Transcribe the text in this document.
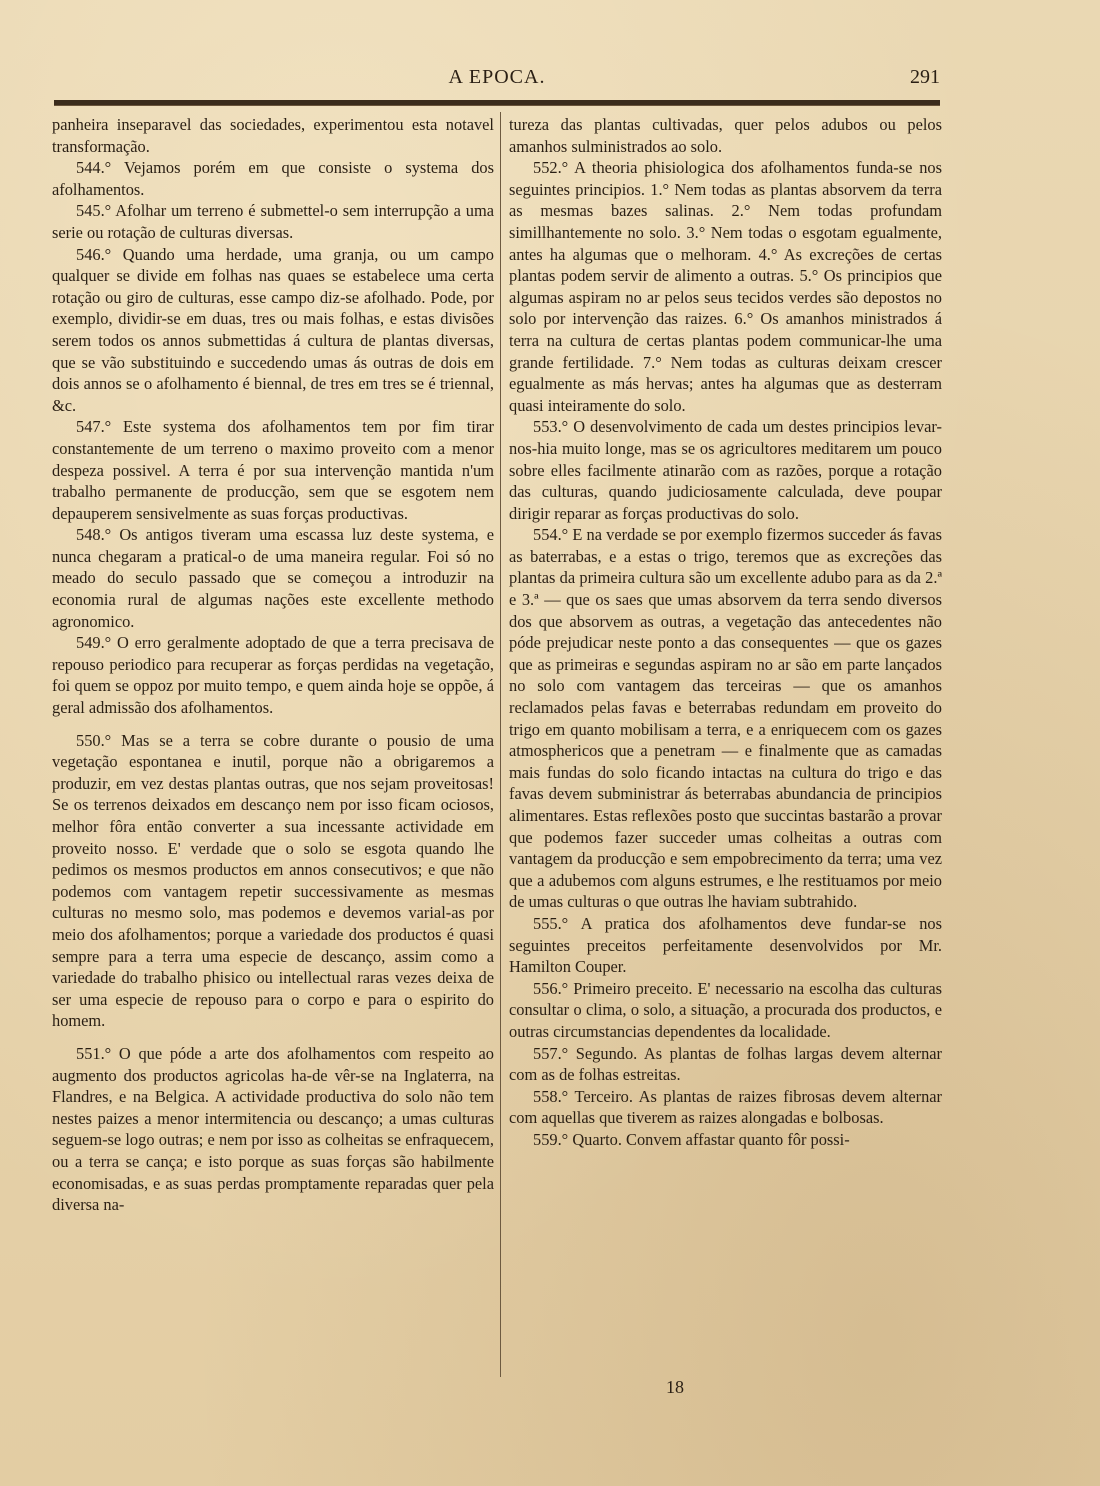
A EPOCA.	291

panheira inseparavel das sociedades, experimentou esta notavel transformação.

544.° Vejamos porém em que consiste o systema dos afolhamentos.

545.° Afolhar um terreno é submettel-o sem interrupção a uma serie ou rotação de culturas diversas.

546.° Quando uma herdade, uma granja, ou um campo qualquer se divide em folhas nas quaes se estabelece uma certa rotação ou giro de culturas, esse campo diz-se afolhado. Pode, por exemplo, dividir-se em duas, tres ou mais folhas, e estas divisões serem todos os annos submettidas á cultura de plantas diversas, que se vão substituindo e succedendo umas ás outras de dois em dois annos se o afolhamento é biennal, de tres em tres se é triennal, &c.

547.° Este systema dos afolhamentos tem por fim tirar constantemente de um terreno o maximo proveito com a menor despeza possivel. A terra é por sua intervenção mantida n'um trabalho permanente de producção, sem que se esgotem nem depauperem sensivelmente as suas forças productivas.

548.° Os antigos tiveram uma escassa luz deste systema, e nunca chegaram a pratical-o de uma maneira regular. Foi só no meado do seculo passado que se começou a introduzir na economia rural de algumas nações este excellente methodo agronomico.

549.° O erro geralmente adoptado de que a terra precisava de repouso periodico para recuperar as forças perdidas na vegetação, foi quem se oppoz por muito tempo, e quem ainda hoje se oppõe, á geral admissão dos afolhamentos.

550.° Mas se a terra se cobre durante o pousio de uma vegetação espontanea e inutil, porque não a obrigaremos a produzir, em vez destas plantas outras, que nos sejam proveitosas! Se os terrenos deixados em descanço nem por isso ficam ociosos, melhor fôra então converter a sua incessante actividade em proveito nosso. E' verdade que o solo se esgota quando lhe pedimos os mesmos productos em annos consecutivos; e que não podemos com vantagem repetir successivamente as mesmas culturas no mesmo solo, mas podemos e devemos varial-as por meio dos afolhamentos; porque a variedade dos productos é quasi sempre para a terra uma especie de descanço, assim como a variedade do trabalho phisico ou intellectual raras vezes deixa de ser uma especie de repouso para o corpo e para o espirito do homem.

551.° O que póde a arte dos afolhamentos com respeito ao augmento dos productos agricolas ha-de vêr-se na Inglaterra, na Flandres, e na Belgica. A actividade productiva do solo não tem nestes paizes a menor intermitencia ou descanço; a umas culturas seguem-se logo outras; e nem por isso as colheitas se enfraquecem, ou a terra se cança; e isto porque as suas forças são habilmente economisadas, e as suas perdas promptamente reparadas quer pela diversa na-

tureza das plantas cultivadas, quer pelos adubos ou pelos amanhos sulministrados ao solo.

552.° A theoria phisiologica dos afolhamentos funda-se nos seguintes principios. 1.° Nem todas as plantas absorvem da terra as mesmas bazes salinas. 2.° Nem todas profundam simillhantemente no solo. 3.° Nem todas o esgotam egualmente, antes ha algumas que o melhoram. 4.° As excreções de certas plantas podem servir de alimento a outras. 5.° Os principios que algumas aspiram no ar pelos seus tecidos verdes são depostos no solo por intervenção das raizes. 6.° Os amanhos ministrados á terra na cultura de certas plantas podem communicar-lhe uma grande fertilidade. 7.° Nem todas as culturas deixam crescer egualmente as más hervas; antes ha algumas que as desterram quasi inteiramente do solo.

553.° O desenvolvimento de cada um destes principios levar-nos-hia muito longe, mas se os agricultores meditarem um pouco sobre elles facilmente atinarão com as razões, porque a rotação das culturas, quando judiciosamente calculada, deve poupar dirigir reparar as forças productivas do solo.

554.° E na verdade se por exemplo fizermos succeder ás favas as baterrabas, e a estas o trigo, teremos que as excreções das plantas da primeira cultura são um excellente adubo para as da 2.ª e 3.ª — que os saes que umas absorvem da terra sendo diversos dos que absorvem as outras, a vegetação das antecedentes não póde prejudicar neste ponto a das consequentes — que os gazes que as primeiras e segundas aspiram no ar são em parte lançados no solo com vantagem das terceiras — que os amanhos reclamados pelas favas e beterrabas redundam em proveito do trigo em quanto mobilisam a terra, e a enriquecem com os gazes atmosphericos que a penetram — e finalmente que as camadas mais fundas do solo ficando intactas na cultura do trigo e das favas devem subministrar ás beterrabas abundancia de principios alimentares. Estas reflexões posto que succintas bastarão a provar que podemos fazer succeder umas colheitas a outras com vantagem da producção e sem empobrecimento da terra; uma vez que a adubemos com alguns estrumes, e lhe restituamos por meio de umas culturas o que outras lhe haviam subtrahido.

555.° A pratica dos afolhamentos deve fundar-se nos seguintes preceitos perfeitamente desenvolvidos por Mr. Hamilton Couper.

556.° Primeiro preceito. E' necessario na escolha das culturas consultar o clima, o solo, a situação, a procurada dos productos, e outras circumstancias dependentes da localidade.

557.° Segundo. As plantas de folhas largas devem alternar com as de folhas estreitas.

558.° Terceiro. As plantas de raizes fibrosas devem alternar com aquellas que tiverem as raizes alongadas e bolbosas.

559.° Quarto. Convem affastar quanto fôr possi-

18
